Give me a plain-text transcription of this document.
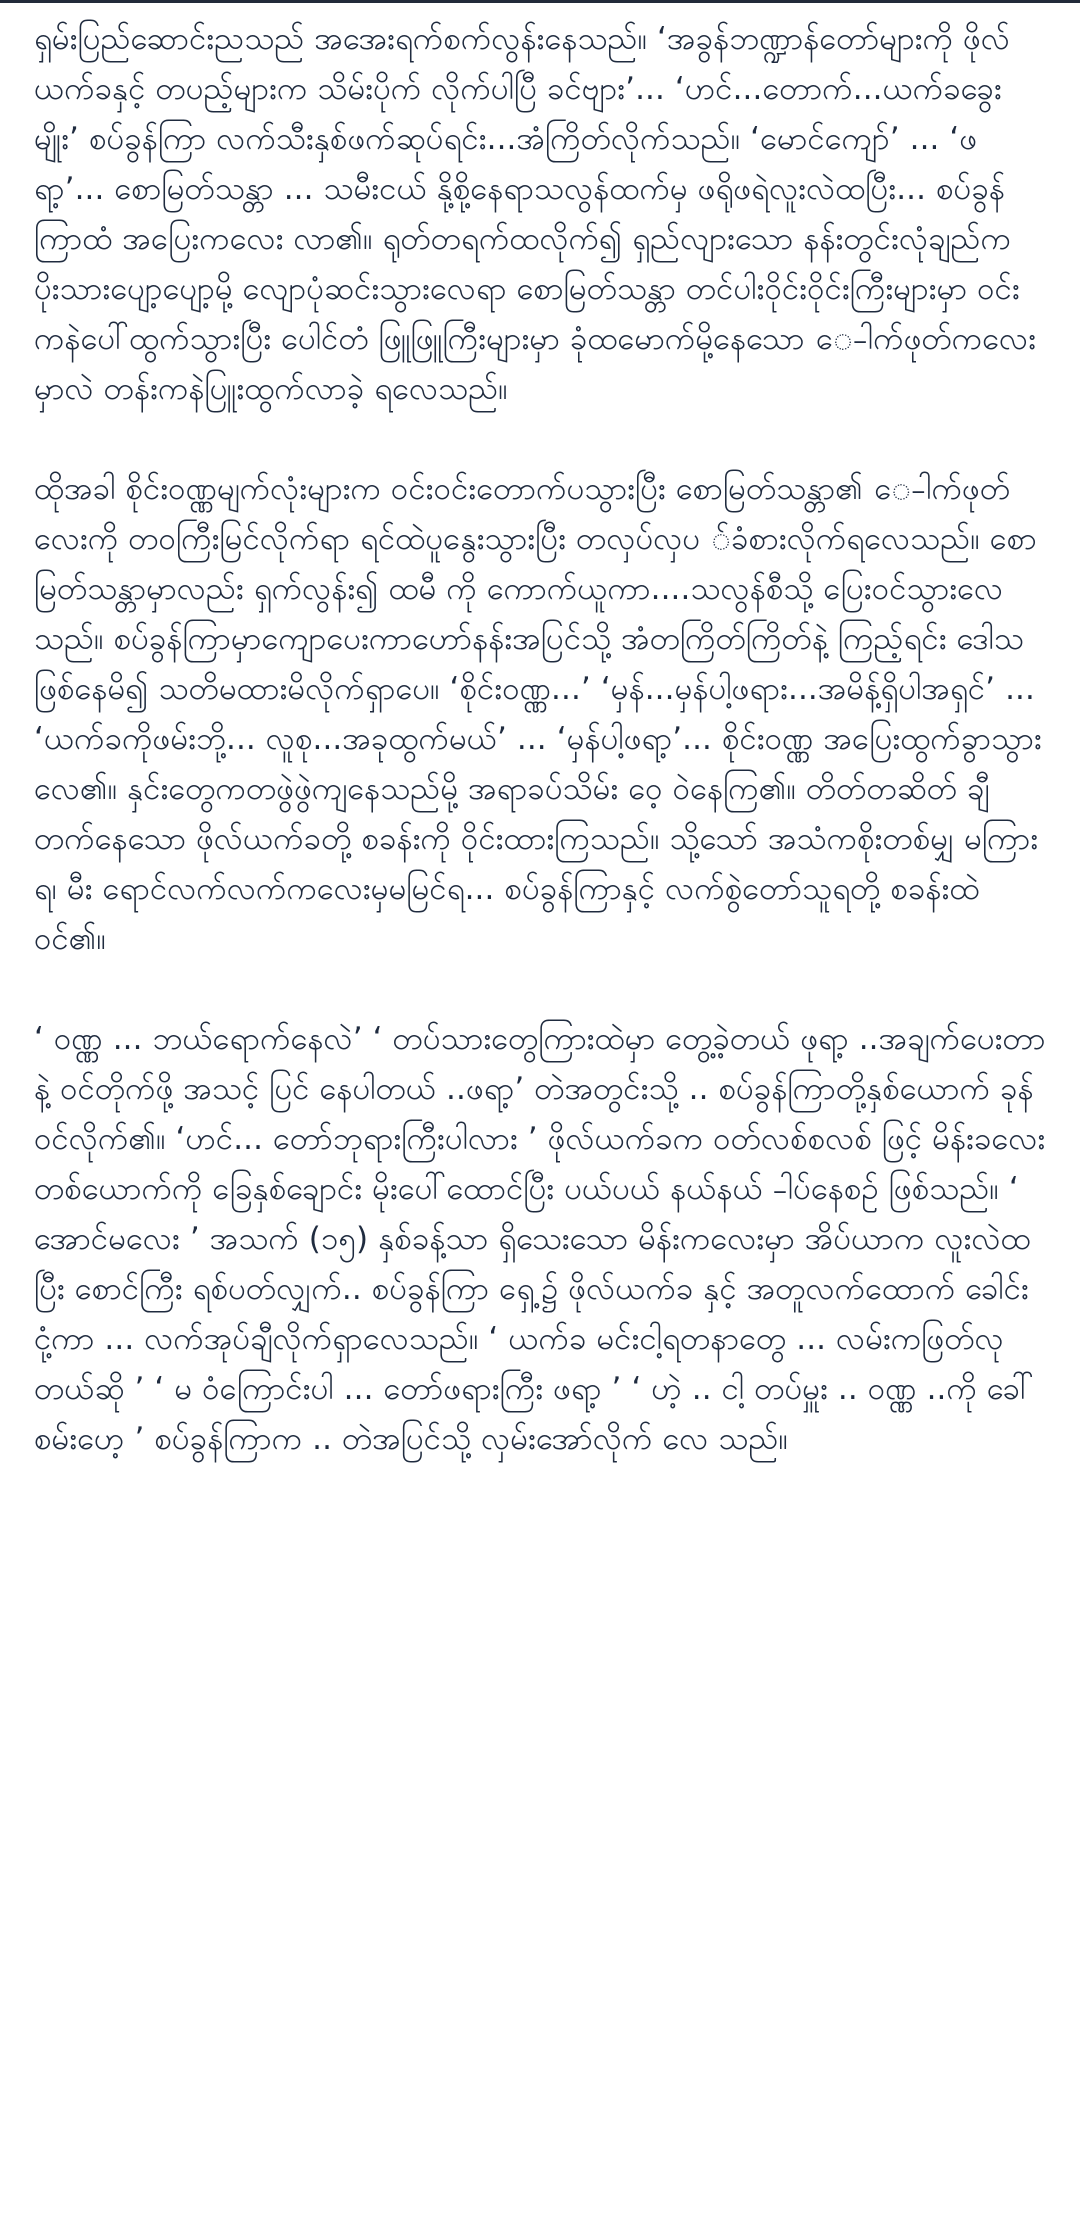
ရှမ်းပြည်ဆောင်းညသည် အအေးရက်စက်လွန်းနေသည်။ ‘အခွန်ဘဏ္ဍာန်တော်များကို ဖိုလ်ယက်ခနှင့် တပည့်များက သိမ်းပိုက် လိုက်ပါပြီ ခင်ဗျား’... ‘ဟင်...တောက်...ယက်ခခွေးမျိုး’ စပ်ခွန်ကြာ လက်သီးနှစ်ဖက်ဆုပ်ရင်း...အံကြိတ်လိုက်သည်။ ‘မောင်ကျော်’ ... ‘ဖရာ့’... စောမြတ်သန္တာ ... သမီးငယ် နို့စို့နေရာသလွန်ထက်မှ ဖရိုဖရဲလူးလဲထပြီး... စပ်ခွန်ကြာထံ အပြေးကလေး လာ၏။ ရုတ်တရက်ထလိုက်၍ ရှည်လျားသော နန်းတွင်းလုံချည်က ပိုးသားပျော့ပျော့မို့ လျောပုံဆင်းသွားလေရာ စောမြတ်သန္တာ တင်ပါးဝိုင်းဝိုင်းကြီးများမှာ ဝင်းကနဲပေါ်ထွက်သွားပြီး ပေါင်တံ ဖြူဖြူကြီးများမှာ ခုံထမောက်မို့နေသော ေ-ါက်ဖုတ်ကလေးမှာလဲ တန်းကနဲပြူးထွက်လာခဲ့ ရလေသည်။

ထိုအခါ စိုင်းဝဏ္ဏမျက်လုံးများက ဝင်းဝင်းတောက်ပသွားပြီး စောမြတ်သန္တာ၏ ေ-ါက်ဖုတ် လေးကို တဝကြီးမြင်လိုက်ရာ ရင်ထဲပူနွေးသွားပြီး တလှပ်လှပ ်ခံစားလိုက်ရလေသည်။ စောမြတ်သန္တာမှာလည်း ရှက်လွန်း၍ ထမီ ကို ကောက်ယူကာ....သလွန်စီသို့ ပြေးဝင်သွားလေသည်။ စပ်ခွန်ကြာမှာကျောပေးကာဟော်နန်းအပြင်သို့ အံတကြိတ်ကြိတ်နဲ့ ကြည့်ရင်း ဒေါသဖြစ်နေမိ၍ သတိမထားမိလိုက်ရှာပေ။ ‘စိုင်းဝဏ္ဏ...’ ‘မှန်...မှန်ပါ့ဖရား...အမိန့်ရှိပါအရှင်’ ... ‘ယက်ခကိုဖမ်းဘို့... လူစု...အခုထွက်မယ်’ ... ‘မှန်ပါ့ဖရာ့’... စိုင်းဝဏ္ဏ အပြေးထွက်ခွာသွားလေ၏။ နှင်းတွေကတဖွဲဖွဲကျနေသည်မို့ အရာခပ်သိမ်း ဝေ့ ဝဲနေကြ၏။ တိတ်တဆိတ် ချီတက်နေသော ဖိုလ်ယက်ခတို့ စခန်းကို ဝိုင်းထားကြသည်။ သို့သော် အသံကစိုးတစ်မျှ မကြားရ၊ မီး ရောင်လက်လက်ကလေးမှမမြင်ရ... စပ်ခွန်ကြာနှင့် လက်စွဲတော်သူရတို့ စခန်းထဲဝင်၏။

‘ ဝဏ္ဏ ... ဘယ်ရောက်နေလဲ’ ‘ တပ်သားတွေကြားထဲမှာ တွေ့ခဲ့တယ် ဖုရာ့ ..အချက်ပေးတာနဲ့ ဝင်တိုက်ဖို့ အသင့် ပြင် နေပါတယ် ..ဖရာ့’ တဲအတွင်းသို့ .. စပ်ခွန်ကြာတို့နှစ်ယောက် ခုန်ဝင်လိုက်၏။ ‘ဟင်... တော်ဘုရားကြီးပါလား ’ ဖိုလ်ယက်ခက ဝတ်လစ်စလစ် ဖြင့် မိန်းခလေးတစ်ယောက်ကို ခြေနှစ်ချောင်း မိုးပေါ်ထောင်ပြီး ပယ်ပယ် နယ်နယ် -ါပ်နေစဉ် ဖြစ်သည်။ ‘ အောင်မလေး ’ အသက် (၁၅) နှစ်ခန့်သာ ရှိသေးသော မိန်းကလေးမှာ အိပ်ယာက လူးလဲထပြီး စောင်ကြီး ရစ်ပတ်လျှက်.. စပ်ခွန်ကြာ ရှေ့၌ ဖိုလ်ယက်ခ နှင့် အတူလက်ထောက် ခေါင်းငုံ့ကာ ... လက်အုပ်ချီလိုက်ရှာလေသည်။ ‘ ယက်ခ မင်းငါ့ရတနာတွေ ... လမ်းကဖြတ်လုတယ်ဆို ’ ‘ မ ဝံကြောင်းပါ ... တော်ဖရားကြီး ဖရာ့ ’ ‘ ဟဲ့ .. ငါ့ တပ်မှူး .. ဝဏ္ဏ ..ကို ခေါ် စမ်းဟေ့ ’ စပ်ခွန်ကြာက .. တဲအပြင်သို့ လှမ်းအော်လိုက် လေ သည်။
